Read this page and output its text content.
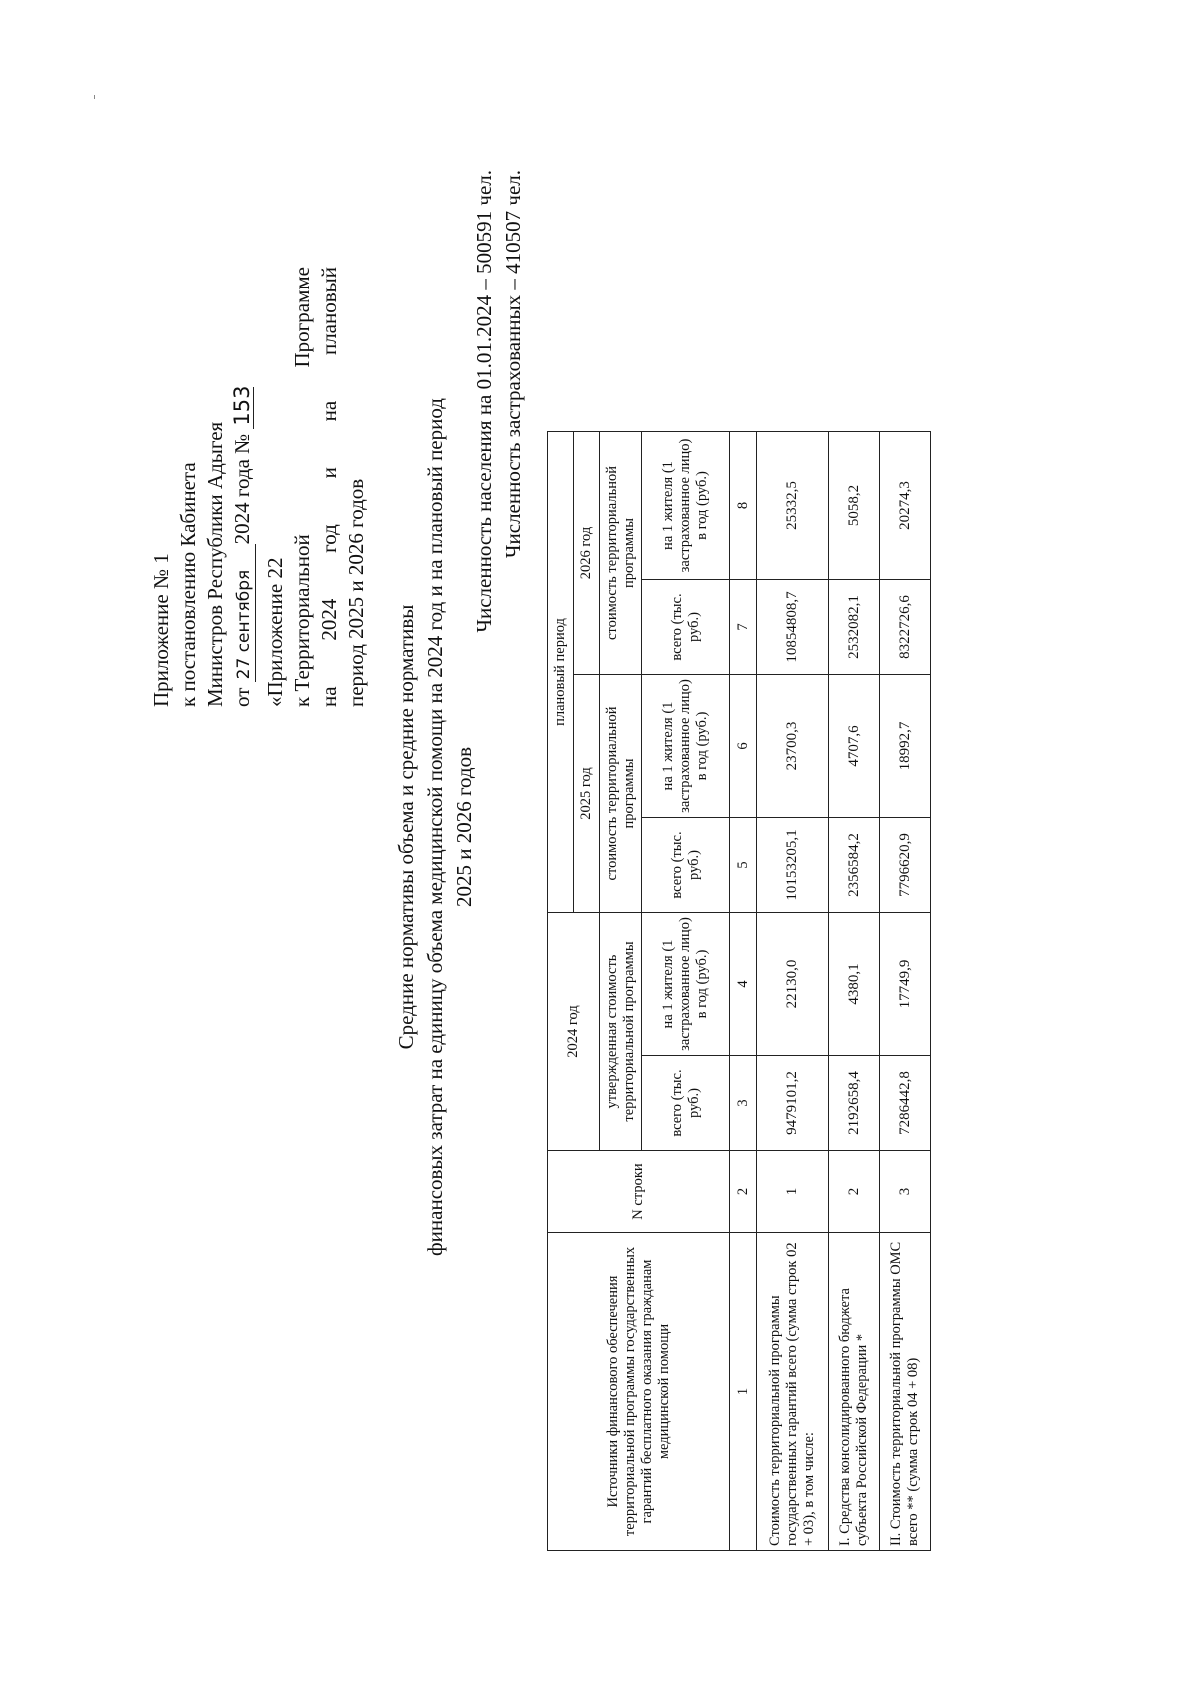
Приложение № 1 к постановлению Кабинета Министров Республики Адыгея от 27 сентября2024 года № 153
«Приложение 22 к Территориальной
Программе
на
2024
год
и
на
плановый
период 2025 и 2026 годов
Средние нормативы объема и средние нормативы финансовых затрат на единицу объема медицинской помощи на 2024 год и на плановый период 2025 и 2026 годов
Численность населения на 01.01.2024 – 500591 чел. Численность застрахованных – 410507 чел.
Источники финансового обеспечения территориальной программы государственных гарантий бесплатного оказания гражданам медицинской помощи	N строки	2024 год		плановый период			
				2025 год		2026 год	
		утвержденная стоимость территориальной программы		стоимость территориальной программы		стоимость территориальной программы	
		всего (тыс. руб.)	на 1 жителя (1 застрахованное лицо) в год (руб.)	всего (тыс. руб.)	на 1 жителя (1 застрахованное лицо) в год (руб.)	всего (тыс. руб.)	на 1 жителя (1 застрахованное лицо) в год (руб.)
1	2	3	4	5	6	7	8
Стоимость территориальной программы государственных гарантий всего (сумма строк 02 + 03), в том числе:	1	9479101,2	22130,0	10153205,1	23700,3	10854808,7	25332,5
I. Средства консолидированного бюджета субъекта Российской Федерации *	2	2192658,4	4380,1	2356584,2	4707,6	2532082,1	5058,2
II. Стоимость территориальной программы ОМС всего ** (сумма строк 04 + 08)	3	7286442,8	17749,9	7796620,9	18992,7	8322726,6	20274,3
